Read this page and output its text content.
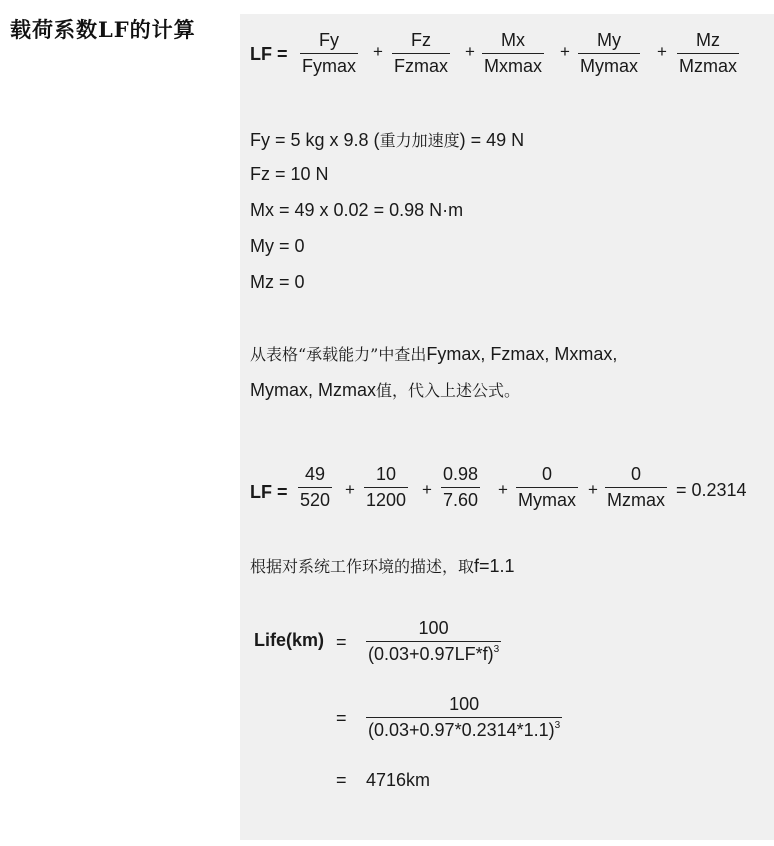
载荷系数LF的计算
LF =
Fy
Fymax
+
Fz
Fzmax
+
Mx
Mxmax
+
My
Mymax
+
Mz
Mzmax
Fy = 5 kg x 9.8 (重力加速度) = 49 N
Fz = 10 N
Mx = 49 x 0.02 = 0.98 N·m
My = 0
Mz = 0
从表格“承载能力”中查出Fymax, Fzmax, Mxmax,
Mymax, Mzmax值，代入上述公式。
LF =
49
520
+
10
1200
+
0.98
7.60
+
0
Mymax
+
0
Mzmax = 0.2314
根据对系统工作环境的描述，取f=1.1
Life(km) =
100
$(0.03+0.97LF*f)^3$
=
100
$(0.03+0.97*0.2314*1.1)^3$
= 4716km
